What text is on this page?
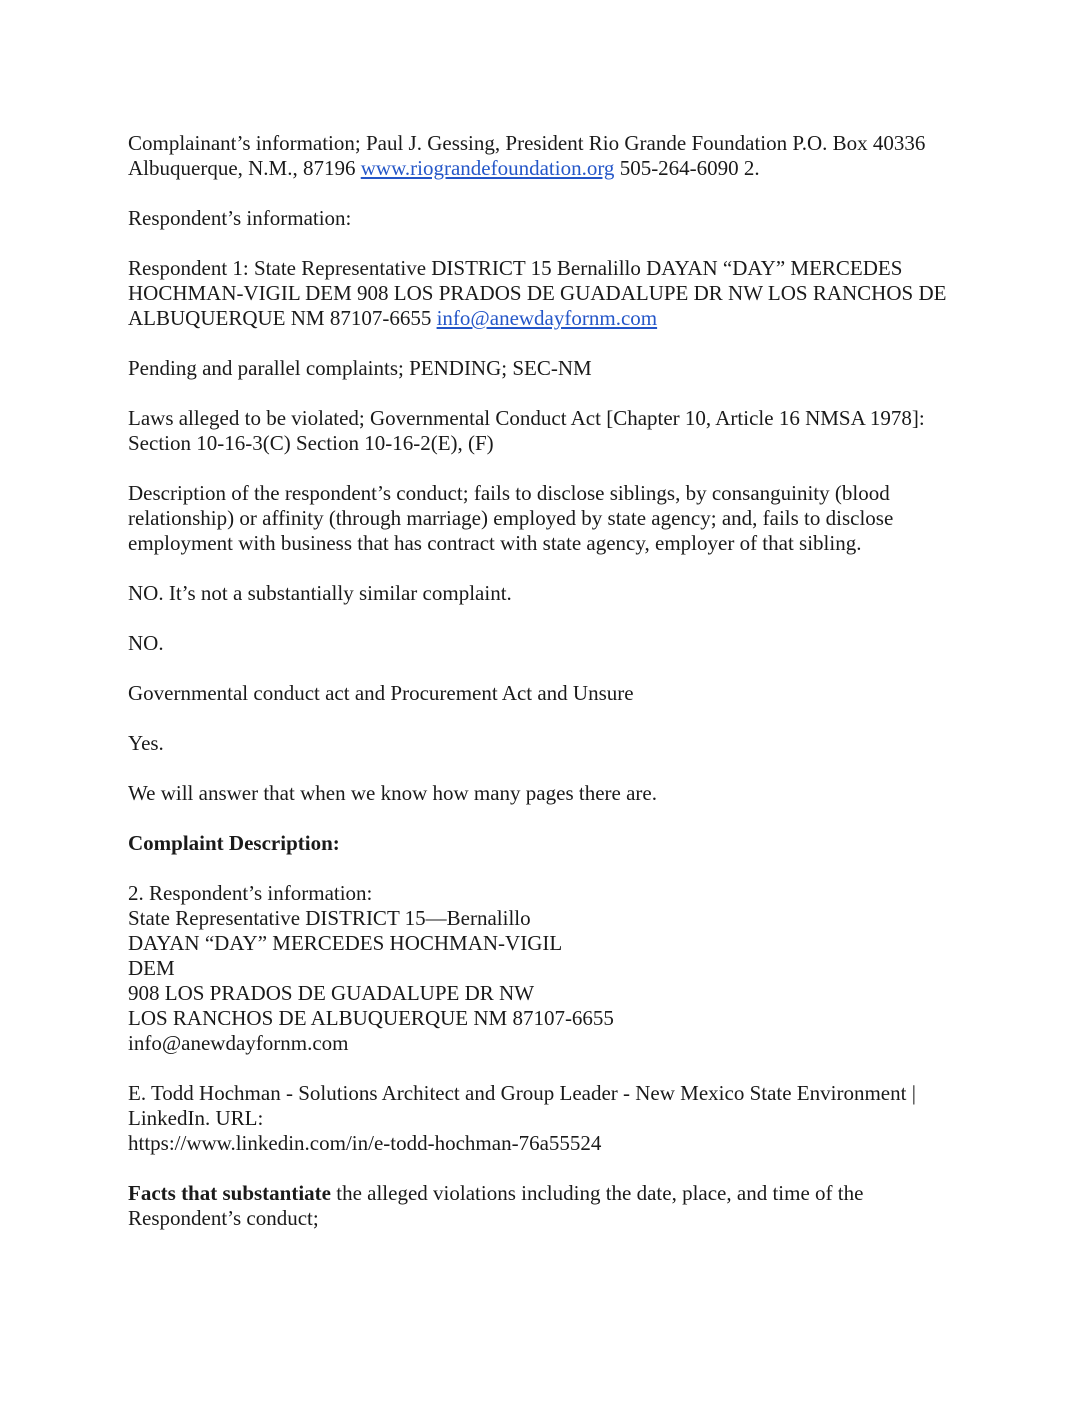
Complainant’s information; Paul J. Gessing, President Rio Grande Foundation P.O. Box 40336 Albuquerque, N.M., 87196 www.riograndefoundation.org 505-264-6090 2.
Respondent’s information:
Respondent 1: State Representative DISTRICT 15 Bernalillo DAYAN “DAY” MERCEDES HOCHMAN-VIGIL DEM 908 LOS PRADOS DE GUADALUPE DR NW LOS RANCHOS DE ALBUQUERQUE NM 87107-6655 info@anewdayfornm.com
Pending and parallel complaints; PENDING; SEC-NM
Laws alleged to be violated; Governmental Conduct Act [Chapter 10, Article 16 NMSA 1978]: Section 10-16-3(C) Section 10-16-2(E), (F)
Description of the respondent’s conduct; fails to disclose siblings, by consanguinity (blood relationship) or affinity (through marriage) employed by state agency; and, fails to disclose employment with business that has contract with state agency, employer of that sibling.
NO. It’s not a substantially similar complaint.
NO.
Governmental conduct act and Procurement Act and Unsure
Yes.
We will answer that when we know how many pages there are.
Complaint Description:
2. Respondent’s information:
State Representative DISTRICT 15—Bernalillo
DAYAN “DAY” MERCEDES HOCHMAN-VIGIL
DEM
908 LOS PRADOS DE GUADALUPE DR NW
LOS RANCHOS DE ALBUQUERQUE NM 87107-6655
info@anewdayfornm.com
E. Todd Hochman - Solutions Architect and Group Leader - New Mexico State Environment | LinkedIn. URL:
https://www.linkedin.com/in/e-todd-hochman-76a55524
Facts that substantiate the alleged violations including the date, place, and time of the Respondent’s conduct;
